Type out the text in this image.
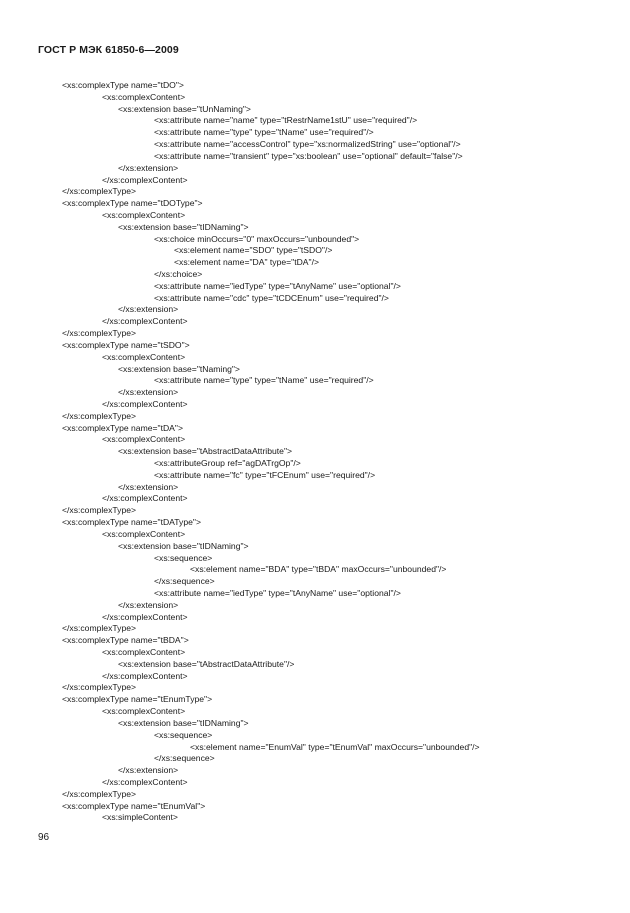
ГОСТ Р МЭК 61850-6—2009
<xs:complexType name="tDO">
<xs:complexContent>
<xs:extension base="tUnNaming">
<xs:attribute name="name" type="tRestrName1stU" use="required"/>
<xs:attribute name="type" type="tName" use="required"/>
<xs:attribute name="accessControl" type="xs:normalizedString" use="optional"/>
<xs:attribute name="transient" type="xs:boolean" use="optional" default="false"/>
</xs:extension>
</xs:complexContent>
</xs:complexType>
<xs:complexType name="tDOType">
<xs:complexContent>
<xs:extension base="tIDNaming">
<xs:choice minOccurs="0" maxOccurs="unbounded">
<xs:element name="SDO" type="tSDO"/>
<xs:element name="DA" type="tDA"/>
</xs:choice>
<xs:attribute name="iedType" type="tAnyName" use="optional"/>
<xs:attribute name="cdc" type="tCDCEnum" use="required"/>
</xs:extension>
</xs:complexContent>
</xs:complexType>
<xs:complexType name="tSDO">
<xs:complexContent>
<xs:extension base="tNaming">
<xs:attribute name="type" type="tName" use="required"/>
</xs:extension>
</xs:complexContent>
</xs:complexType>
<xs:complexType name="tDA">
<xs:complexContent>
<xs:extension base="tAbstractDataAttribute">
<xs:attributeGroup ref="agDATrgOp"/>
<xs:attribute name="fc" type="tFCEnum" use="required"/>
</xs:extension>
</xs:complexContent>
</xs:complexType>
<xs:complexType name="tDAType">
<xs:complexContent>
<xs:extension base="tIDNaming">
<xs:sequence>
<xs:element name="BDA" type="tBDA" maxOccurs="unbounded"/>
</xs:sequence>
<xs:attribute name="iedType" type="tAnyName" use="optional"/>
</xs:extension>
</xs:complexContent>
</xs:complexType>
<xs:complexType name="tBDA">
<xs:complexContent>
<xs:extension base="tAbstractDataAttribute"/>
</xs:complexContent>
</xs:complexType>
<xs:complexType name="tEnumType">
<xs:complexContent>
<xs:extension base="tIDNaming">
<xs:sequence>
<xs:element name="EnumVal" type="tEnumVal" maxOccurs="unbounded"/>
</xs:sequence>
</xs:extension>
</xs:complexContent>
</xs:complexType>
<xs:complexType name="tEnumVal">
<xs:simpleContent>
96
